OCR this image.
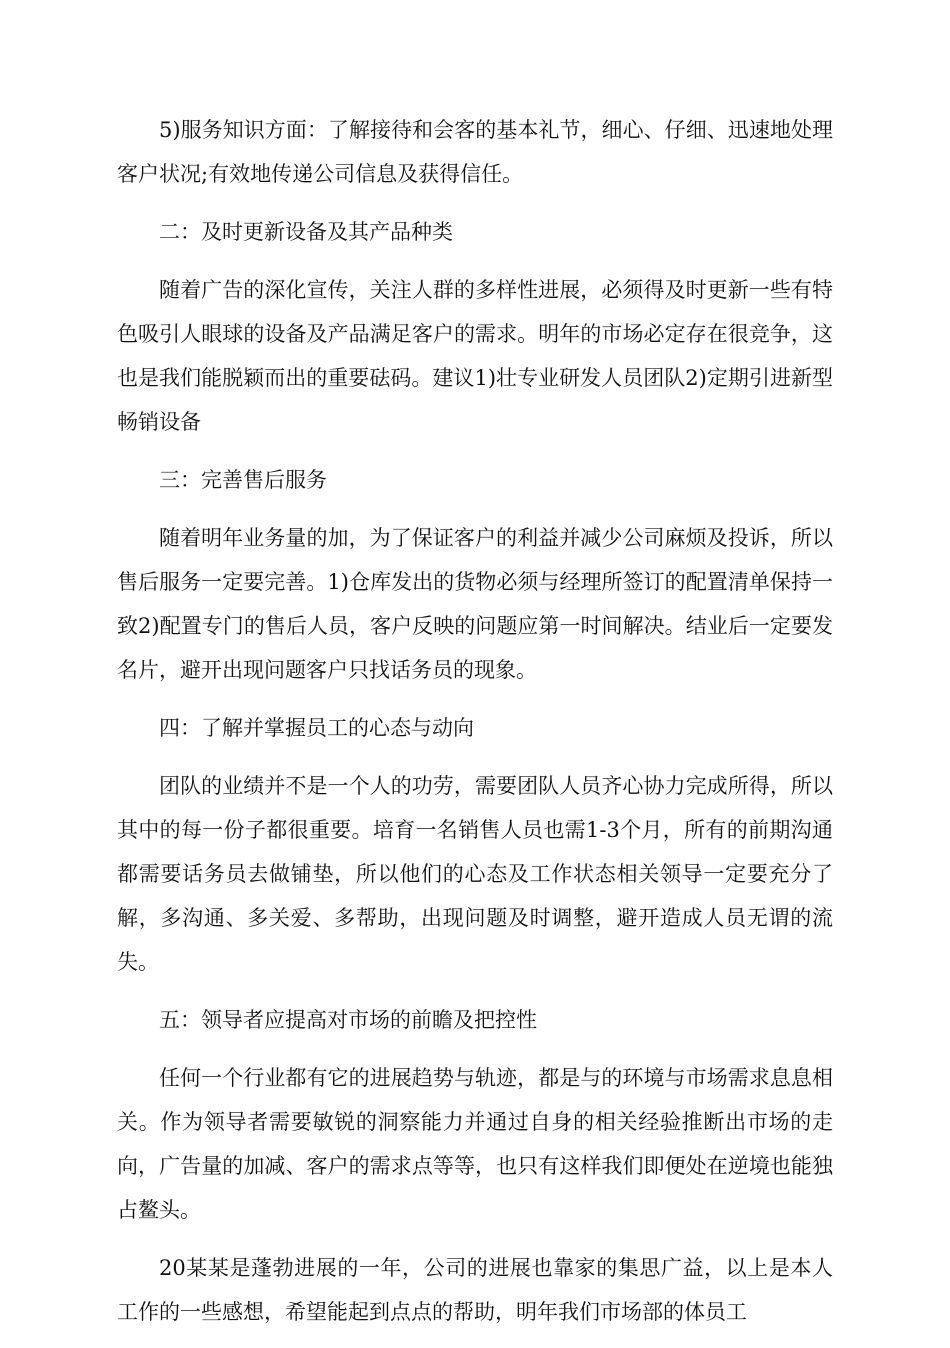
5)服务知识方面：了解接待和会客的基本礼节，细心、仔细、迅速地处理客户状况;有效地传递公司信息及获得信任。

二：及时更新设备及其产品种类

随着广告的深化宣传，关注人群的多样性进展，必须得及时更新一些有特色吸引人眼球的设备及产品满足客户的需求。明年的市场必定存在很竞争，这也是我们能脱颖而出的重要砝码。建议1)壮专业研发人员团队2)定期引进新型畅销设备

三：完善售后服务

随着明年业务量的加，为了保证客户的利益并减少公司麻烦及投诉，所以售后服务一定要完善。1)仓库发出的货物必须与经理所签订的配置清单保持一致2)配置专门的售后人员，客户反映的问题应第一时间解决。结业后一定要发名片，避开出现问题客户只找话务员的现象。

四：了解并掌握员工的心态与动向

团队的业绩并不是一个人的功劳，需要团队人员齐心协力完成所得，所以其中的每一份子都很重要。培育一名销售人员也需1-3个月，所有的前期沟通都需要话务员去做铺垫，所以他们的心态及工作状态相关领导一定要充分了解，多沟通、多关爱、多帮助，出现问题及时调整，避开造成人员无谓的流失。

五：领导者应提高对市场的前瞻及把控性

任何一个行业都有它的进展趋势与轨迹，都是与的环境与市场需求息息相关。作为领导者需要敏锐的洞察能力并通过自身的相关经验推断出市场的走向，广告量的加减、客户的需求点等等，也只有这样我们即便处在逆境也能独占鳌头。

20某某是蓬勃进展的一年，公司的进展也靠家的集思广益，以上是本人工作的一些感想，希望能起到点点的帮助，明年我们市场部的体员工
